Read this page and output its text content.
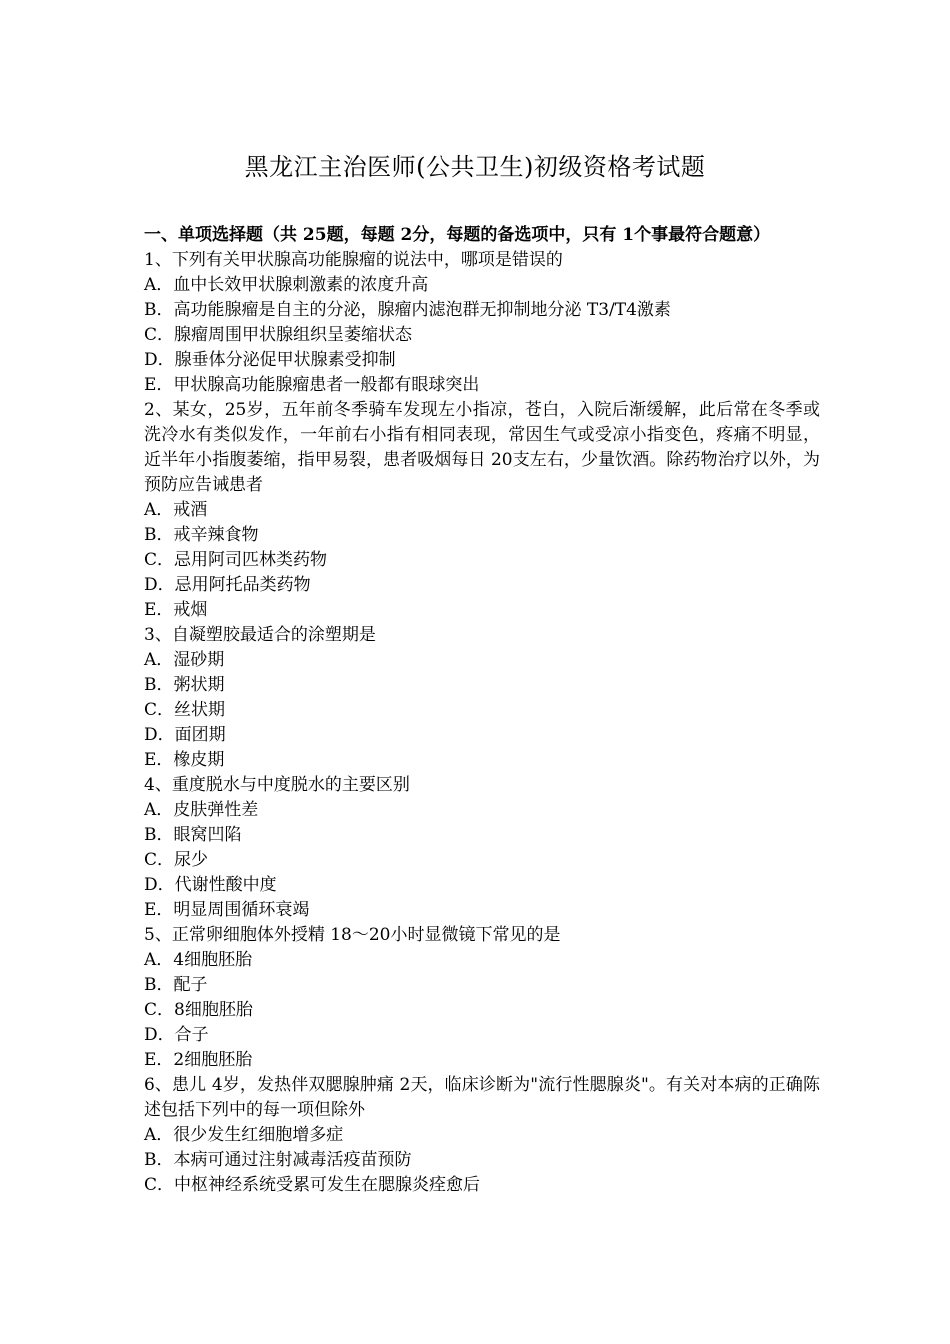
黑龙江主治医师(公共卫生)初级资格考试题

一、单项选择题（共 25题，每题 2分，每题的备选项中，只有 1个事最符合题意）

1、下列有关甲状腺高功能腺瘤的说法中，哪项是错误的

A．血中长效甲状腺刺激素的浓度升高

B．高功能腺瘤是自主的分泌，腺瘤内滤泡群无抑制地分泌 T3/T4激素

C．腺瘤周围甲状腺组织呈萎缩状态

D．腺垂体分泌促甲状腺素受抑制

E．甲状腺高功能腺瘤患者一般都有眼球突出

2、某女，25岁，五年前冬季骑车发现左小指凉，苍白，入院后渐缓解，此后常在冬季或洗冷水有类似发作，一年前右小指有相同表现，常因生气或受凉小指变色，疼痛不明显，近半年小指腹萎缩，指甲易裂，患者吸烟每日 20支左右，少量饮酒。除药物治疗以外，为预防应告诫患者

A．戒酒

B．戒辛辣食物

C．忌用阿司匹林类药物

D．忌用阿托品类药物

E．戒烟

3、自凝塑胶最适合的涂塑期是

A．湿砂期

B．粥状期

C．丝状期

D．面团期

E．橡皮期

4、重度脱水与中度脱水的主要区别

A．皮肤弹性差

B．眼窝凹陷

C．尿少

D．代谢性酸中度

E．明显周围循环衰竭

5、正常卵细胞体外授精 18～20小时显微镜下常见的是

A．4细胞胚胎

B．配子

C．8细胞胚胎

D．合子

E．2细胞胚胎

6、患儿 4岁，发热伴双腮腺肿痛 2天，临床诊断为"流行性腮腺炎"。有关对本病的正确陈述包括下列中的每一项但除外

A．很少发生红细胞增多症

B．本病可通过注射减毒活疫苗预防

C．中枢神经系统受累可发生在腮腺炎痊愈后
